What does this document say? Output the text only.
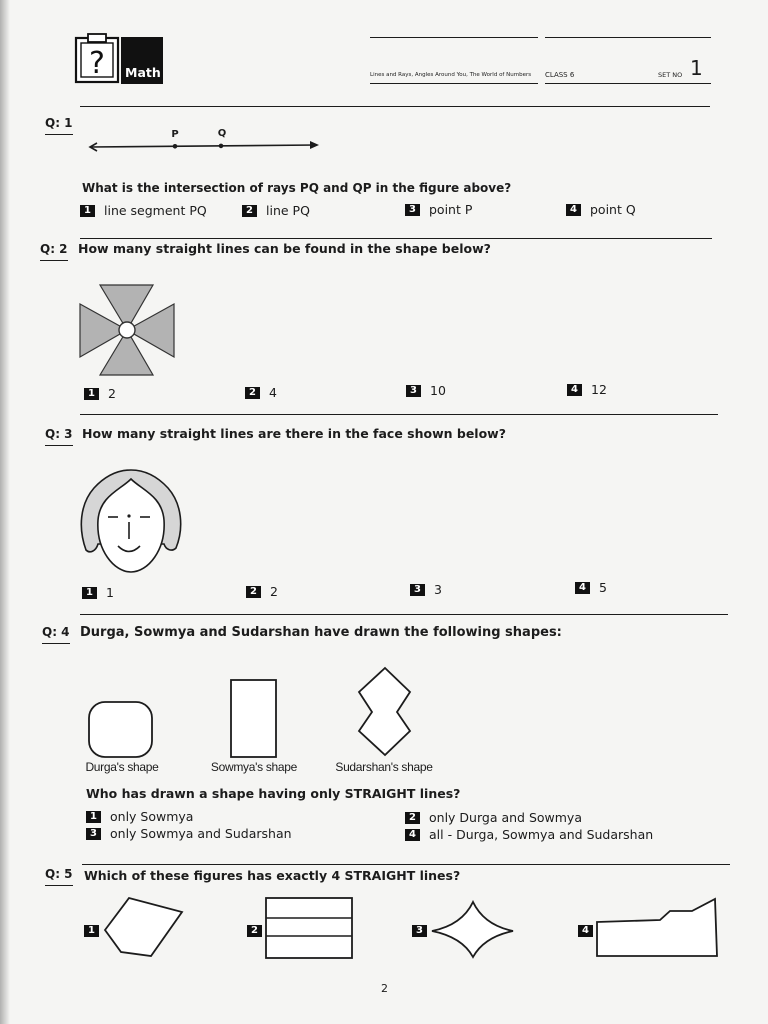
? Math	Lines and Rays, Angles Around You, The World of Numbers CLASS 6	SET NO 1
Q: 1
P	Q
What is the intersection of rays PQ and QP in the figure above?
1	line segment PQ	2	line PQ	3	point P	4	point Q
Q: 2 How many straight lines can be found in the shape below?
1	2	2	4	3	10	4	12
Q: 3 How many straight lines are there in the face shown below?
1	1	2	2	3	3	4	5
Q: 4 Durga, Sowmya and Sudarshan have drawn the following shapes:
Durga's shape	Sowmya's shape	Sudarshan's shape
Who has drawn a shape having only STRAIGHT lines?
1	only Sowmya	2	only Durga and Sowmya
3	only Sowmya and Sudarshan	4	all - Durga, Sowmya and Sudarshan
Q: 5 Which of these figures has exactly 4 STRAIGHT lines?
1	2	3	4
2
